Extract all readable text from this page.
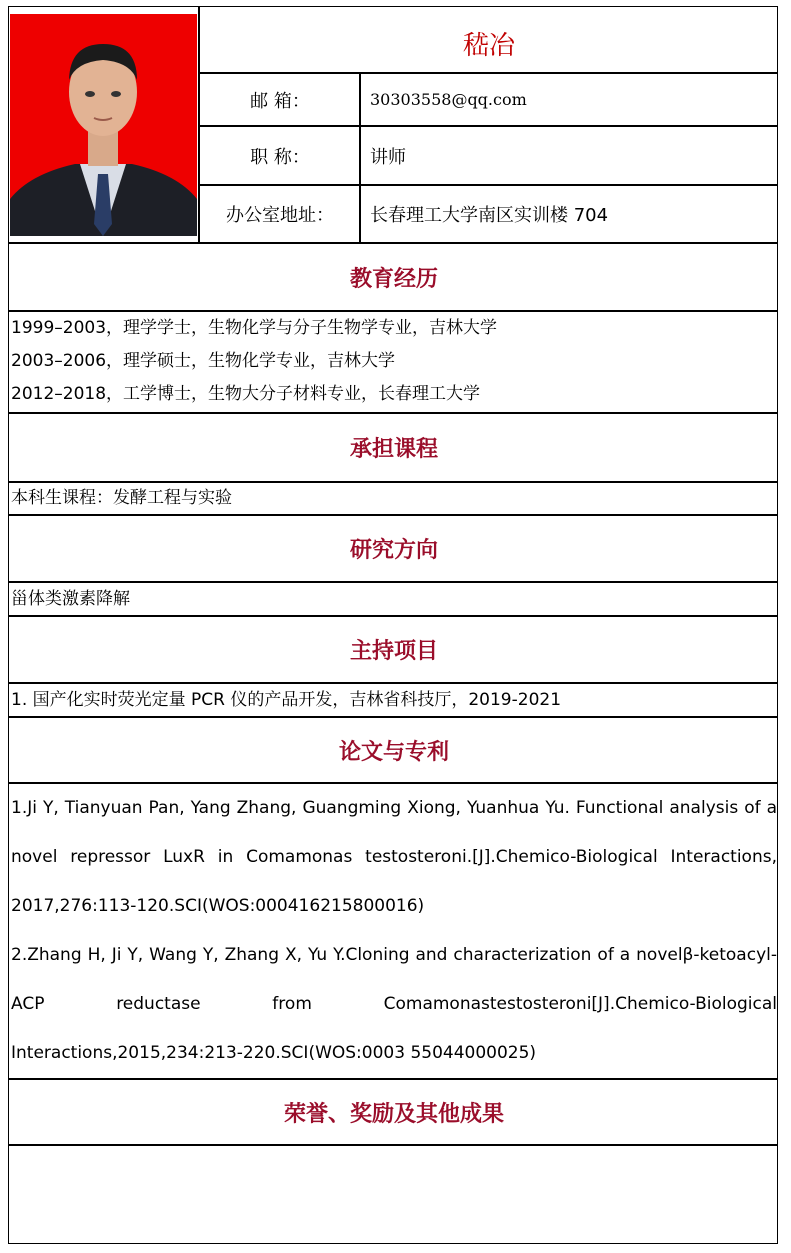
嵇冶
邮 箱：	30303558@qq.com
职 称：	讲师
办公室地址：	长春理工大学南区实训楼 704
教育经历
1999–2003，理学学士，生物化学与分子生物学专业，吉林大学
2003–2006，理学硕士，生物化学专业，吉林大学
2012–2018，工学博士，生物大分子材料专业，长春理工大学
承担课程
本科生课程：发酵工程与实验
研究方向
甾体类激素降解
主持项目
1. 国产化实时荧光定量 PCR 仪的产品开发，吉林省科技厅，2019-2021
论文与专利

1.Ji Y, Tianyuan Pan, Yang Zhang, Guangming Xiong, Yuanhua Yu. Functional analysis of a novel repressor LuxR in Comamonas testosteroni.[J].Chemico-Biological Interactions, 2017,276:113-120.SCI(WOS:000416215800016)

2.Zhang H, Ji Y, Wang Y, Zhang X, Yu Y.Cloning and characterization of a novelβ-ketoacyl-ACP reductase from Comamonastestosteroni[J].Chemico-Biological Interactions,2015,234:213-220.SCI(WOS:0003 55044000025)

荣誉、奖励及其他成果
